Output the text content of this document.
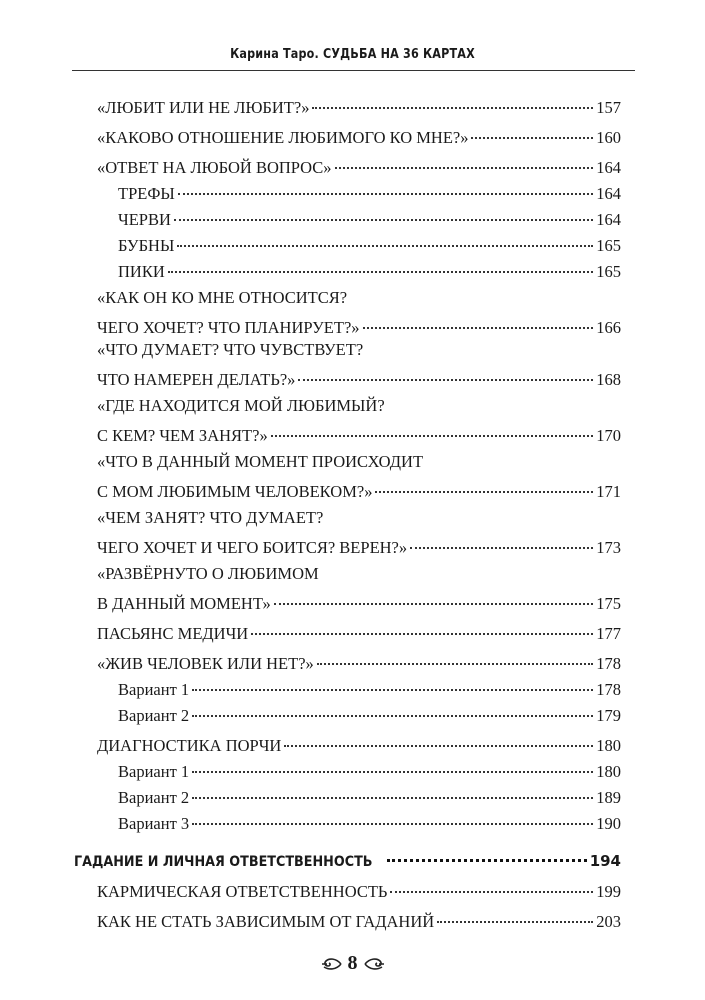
Карина Таро. СУДЬБА НА 36 КАРТАХ
«ЛЮБИТ ИЛИ НЕ ЛЮБИТ?»	157
«КАКОВО ОТНОШЕНИЕ ЛЮБИМОГО КО МНЕ?»	160
«ОТВЕТ НА ЛЮБОЙ ВОПРОС»	164
ТРЕФЫ	164
ЧЕРВИ	164
БУБНЫ	165
ПИКИ	165
«КАК ОН КО МНЕ ОТНОСИТСЯ?
ЧЕГО ХОЧЕТ? ЧТО ПЛАНИРУЕТ?»	166
«ЧТО ДУМАЕТ? ЧТО ЧУВСТВУЕТ?
ЧТО НАМЕРЕН ДЕЛАТЬ?»	168
«ГДЕ НАХОДИТСЯ МОЙ ЛЮБИМЫЙ?
С КЕМ? ЧЕМ ЗАНЯТ?»	170
«ЧТО В ДАННЫЙ МОМЕНТ ПРОИСХОДИТ
С МОМ ЛЮБИМЫМ ЧЕЛОВЕКОМ?»	171
«ЧЕМ ЗАНЯТ? ЧТО ДУМАЕТ?
ЧЕГО ХОЧЕТ И ЧЕГО БОИТСЯ? ВЕРЕН?»	173
«РАЗВЁРНУТО О ЛЮБИМОМ
В ДАННЫЙ МОМЕНТ»	175
ПАСЬЯНС МЕДИЧИ	177
«ЖИВ ЧЕЛОВЕК ИЛИ НЕТ?»	178
Вариант 1	178
Вариант 2	179
ДИАГНОСТИКА ПОРЧИ	180
Вариант 1	180
Вариант 2	189
Вариант 3	190
ГАДАНИЕ И ЛИЧНАЯ ОТВЕТСТВЕННОСТЬ	194
КАРМИЧЕСКАЯ ОТВЕТСТВЕННОСТЬ	199
КАК НЕ СТАТЬ ЗАВИСИМЫМ ОТ ГАДАНИЙ	203
8
